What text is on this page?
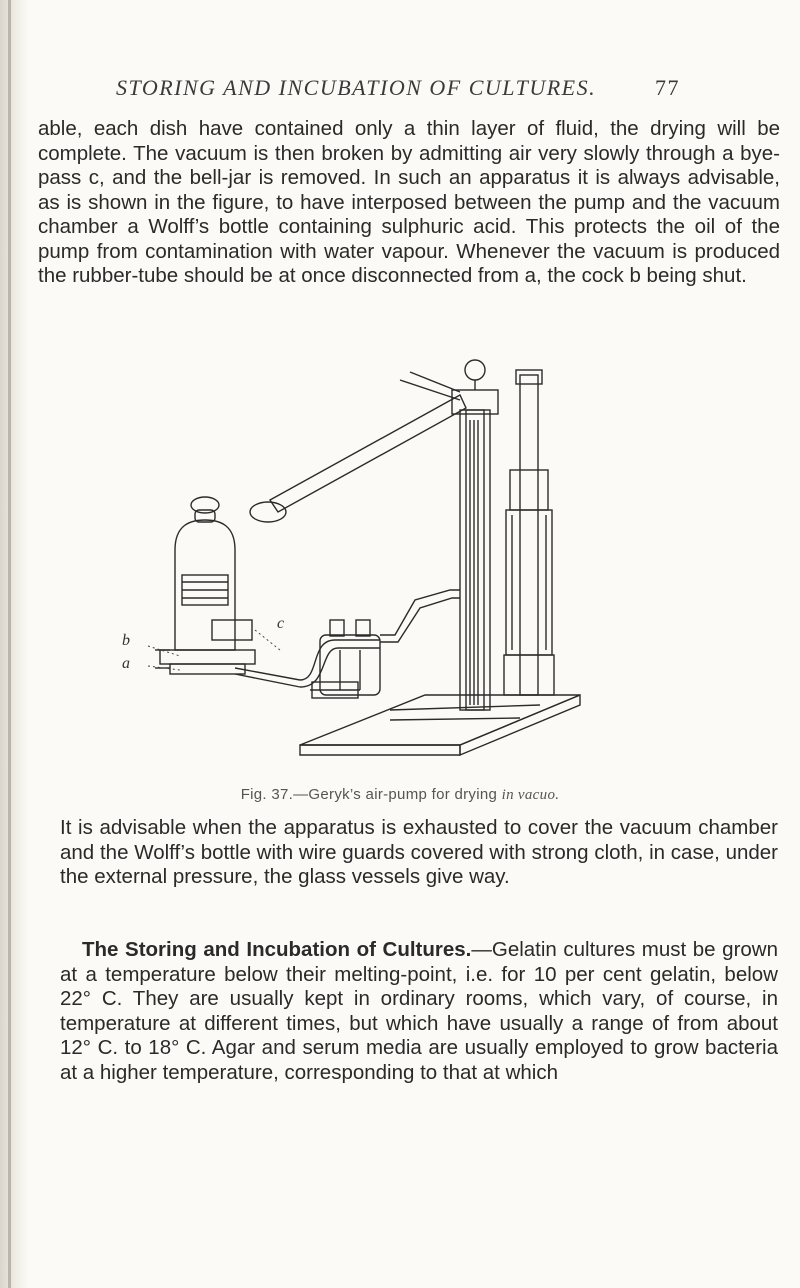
STORING AND INCUBATION OF CULTURES.	77

able, each dish have contained only a thin layer of fluid, the drying will be complete. The vacuum is then broken by admitting air very slowly through a bye-pass c, and the bell-jar is removed. In such an apparatus it is always advisable, as is shown in the figure, to have interposed between the pump and the vacuum chamber a Wolff’s bottle containing sulphuric acid. This protects the oil of the pump from contamination with water vapour. Whenever the vacuum is produced the rubber-tube should be at once disconnected from a, the cock b being shut.

b
a
c
Fig. 37.—Geryk’s air-pump for drying in vacuo.

It is advisable when the apparatus is exhausted to cover the vacuum chamber and the Wolff’s bottle with wire guards covered with strong cloth, in case, under the external pressure, the glass vessels give way.

The Storing and Incubation of Cultures.—Gelatin cultures must be grown at a temperature below their melting-point, i.e. for 10 per cent gelatin, below 22° C. They are usually kept in ordinary rooms, which vary, of course, in temperature at different times, but which have usually a range of from about 12° C. to 18° C. Agar and serum media are usually employed to grow bacteria at a higher temperature, corresponding to that at which
